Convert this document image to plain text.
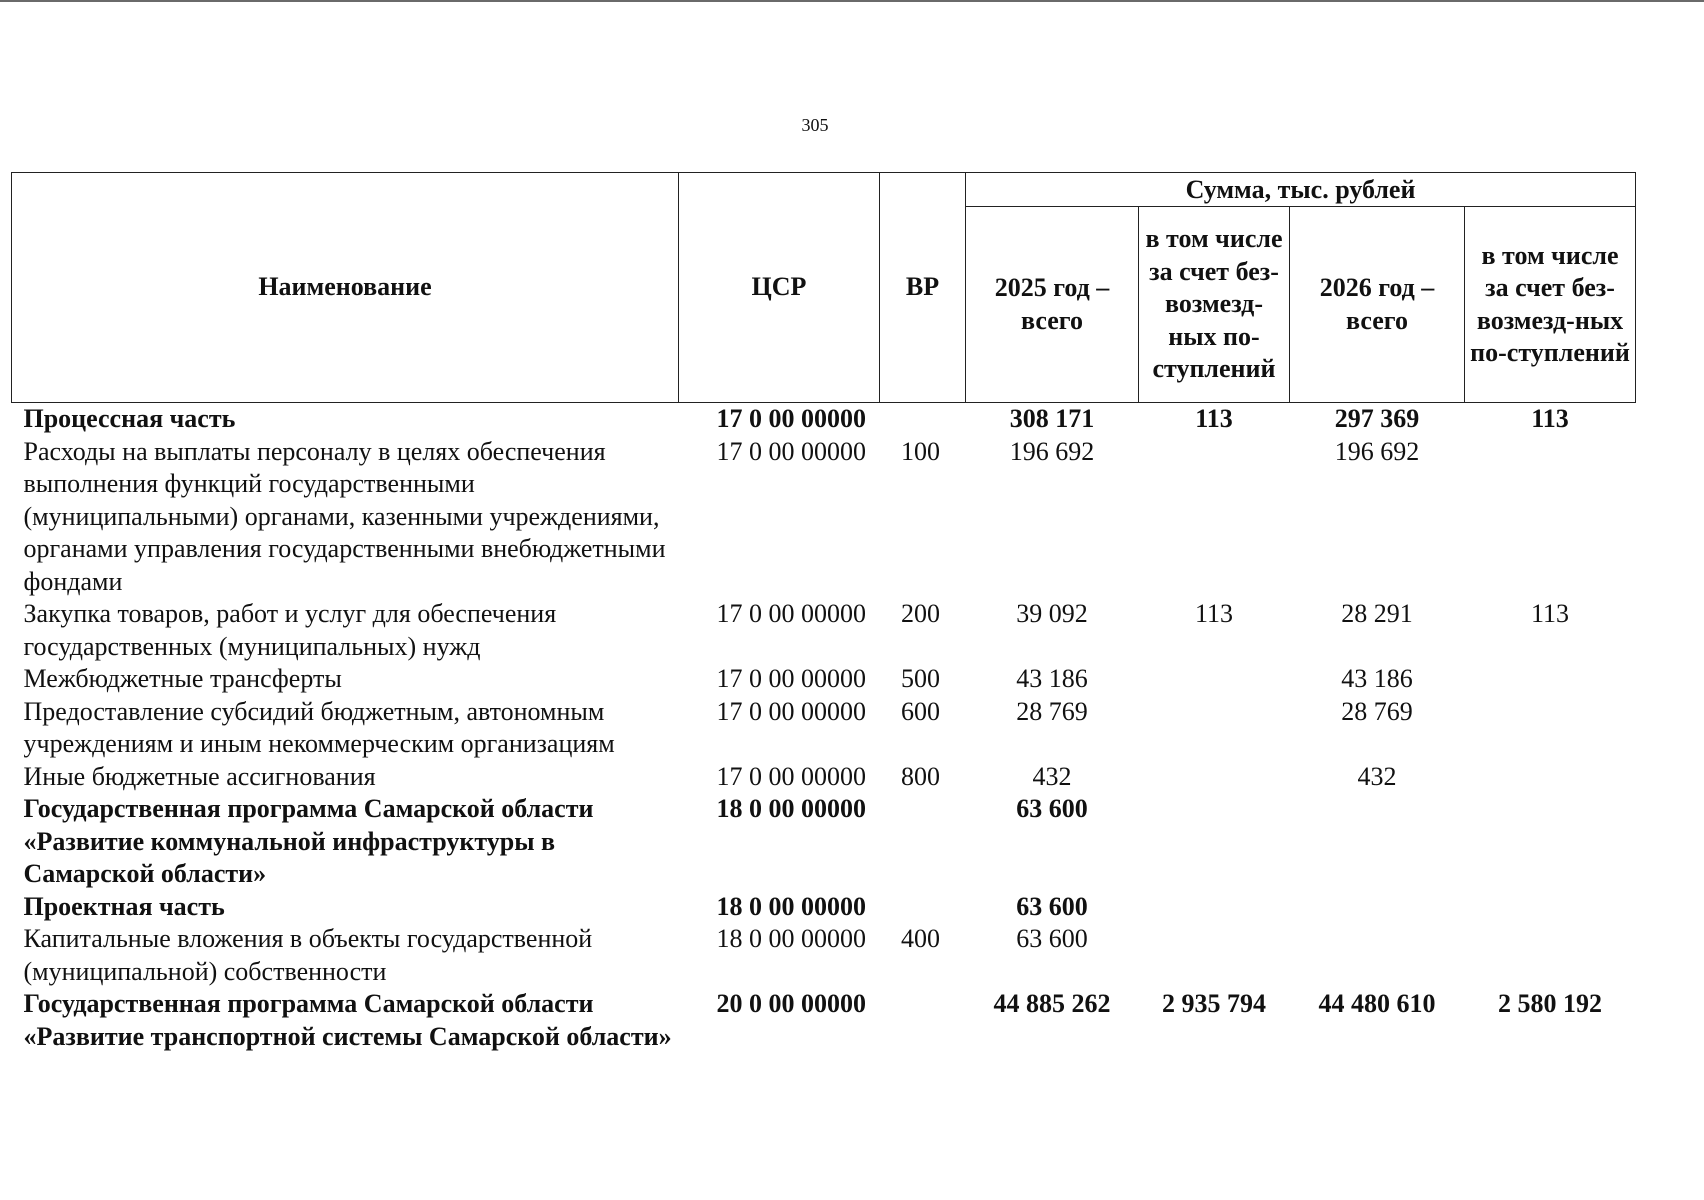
305
Наименование	ЦСР	ВР	Сумма, тыс. рублей			
			2025 год – всего	в том числе за счет без-возмезд-ных по-ступлений	2026 год – всего	в том числе за счет без-возмезд-ных по-ступлений
Процессная часть	17 0 00 00000		308 171	113	297 369	113
Расходы на выплаты персоналу в целях обеспечения выполнения функций государственными (муниципальными) органами, казенными учреждениями, органами управления государственными внебюджетными фондами	17 0 00 00000	100	196 692		196 692	
Закупка товаров, работ и услуг для обеспечения государственных (муниципальных) нужд	17 0 00 00000	200	39 092	113	28 291	113
Межбюджетные трансферты	17 0 00 00000	500	43 186		43 186	
Предоставление субсидий бюджетным, автономным учреждениям и иным некоммерческим организациям	17 0 00 00000	600	28 769		28 769	
Иные бюджетные ассигнования	17 0 00 00000	800	432		432	
Государственная программа Самарской области «Развитие коммунальной инфраструктуры в Самарской области»	18 0 00 00000		63 600			
Проектная часть	18 0 00 00000		63 600			
Капитальные вложения в объекты государственной (муниципальной) собственности	18 0 00 00000	400	63 600			
Государственная программа Самарской области «Развитие транспортной системы Самарской области»	20 0 00 00000		44 885 262	2 935 794	44 480 610	2 580 192
